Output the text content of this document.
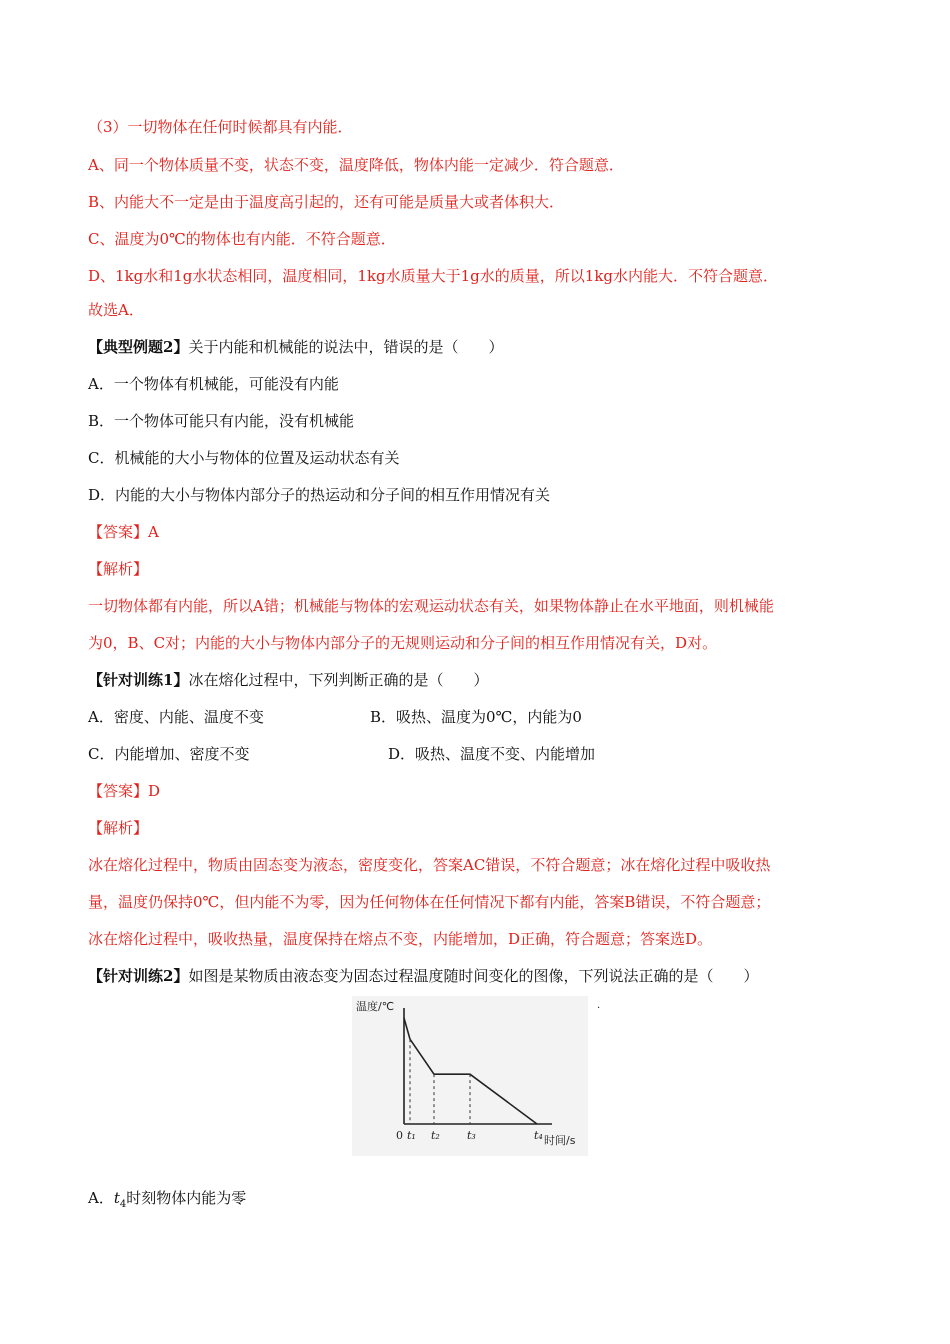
（3）一切物体在任何时候都具有内能．
A、同一个物体质量不变，状态不变，温度降低，物体内能一定减少．符合题意．
B、内能大不一定是由于温度高引起的，还有可能是质量大或者体积大．
C、温度为0℃的物体也有内能．不符合题意．
D、1kg水和1g水状态相同，温度相同，1kg水质量大于1g水的质量，所以1kg水内能大．不符合题意．
故选A．
【典型例题2】关于内能和机械能的说法中，错误的是（　　）
A．一个物体有机械能，可能没有内能
B．一个物体可能只有内能，没有机械能
C．机械能的大小与物体的位置及运动状态有关
D．内能的大小与物体内部分子的热运动和分子间的相互作用情况有关
【答案】A
【解析】
一切物体都有内能，所以A错；机械能与物体的宏观运动状态有关，如果物体静止在水平地面，则机械能
为0，B、C对；内能的大小与物体内部分子的无规则运动和分子间的相互作用情况有关，D对。
【针对训练1】冰在熔化过程中，下列判断正确的是（　　）
A．密度、内能、温度不变	B．吸热、温度为0℃，内能为0
C．内能增加、密度不变	D．吸热、温度不变、内能增加
【答案】D
【解析】
冰在熔化过程中，物质由固态变为液态，密度变化，答案AC错误，不符合题意；冰在熔化过程中吸收热
量，温度仍保持0℃，但内能不为零，因为任何物体在任何情况下都有内能，答案B错误，不符合题意；
冰在熔化过程中，吸收热量，温度保持在熔点不变，内能增加，D正确，符合题意；答案选D。
【针对训练2】如图是某物质由液态变为固态过程温度随时间变化的图像，下列说法正确的是（　　）
.
温度/℃
时间/s
0 t₁ t₂ t₃	t₄
A．$t_4$时刻物体内能为零
